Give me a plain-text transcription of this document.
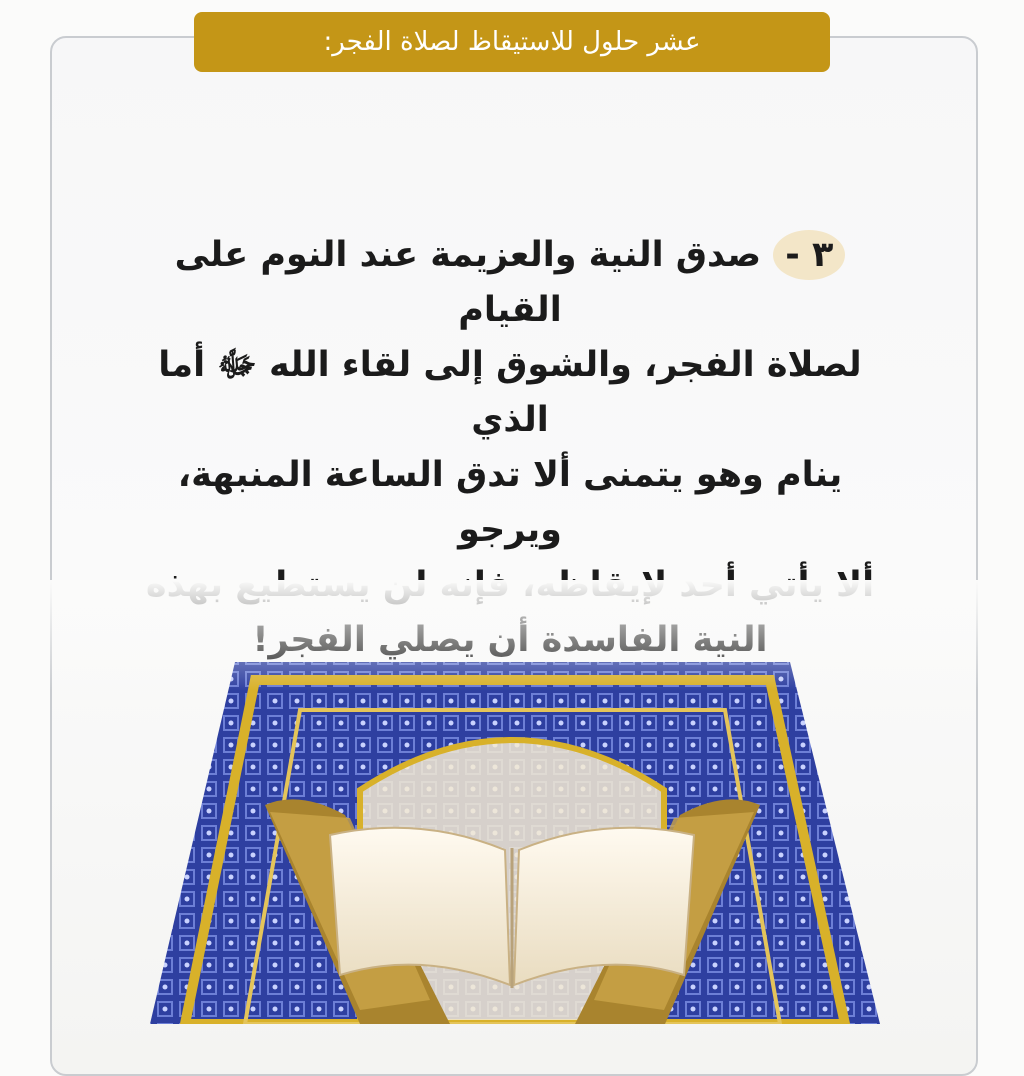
عشر حلول للاستيقاظ لصلاة الفجر:
٣ - صدق النية والعزيمة عند النوم على القيام
لصلاة الفجر، والشوق إلى لقاء الله ﷻ أما الذي
ينام وهو يتمنى ألا تدق الساعة المنبهة، ويرجو
